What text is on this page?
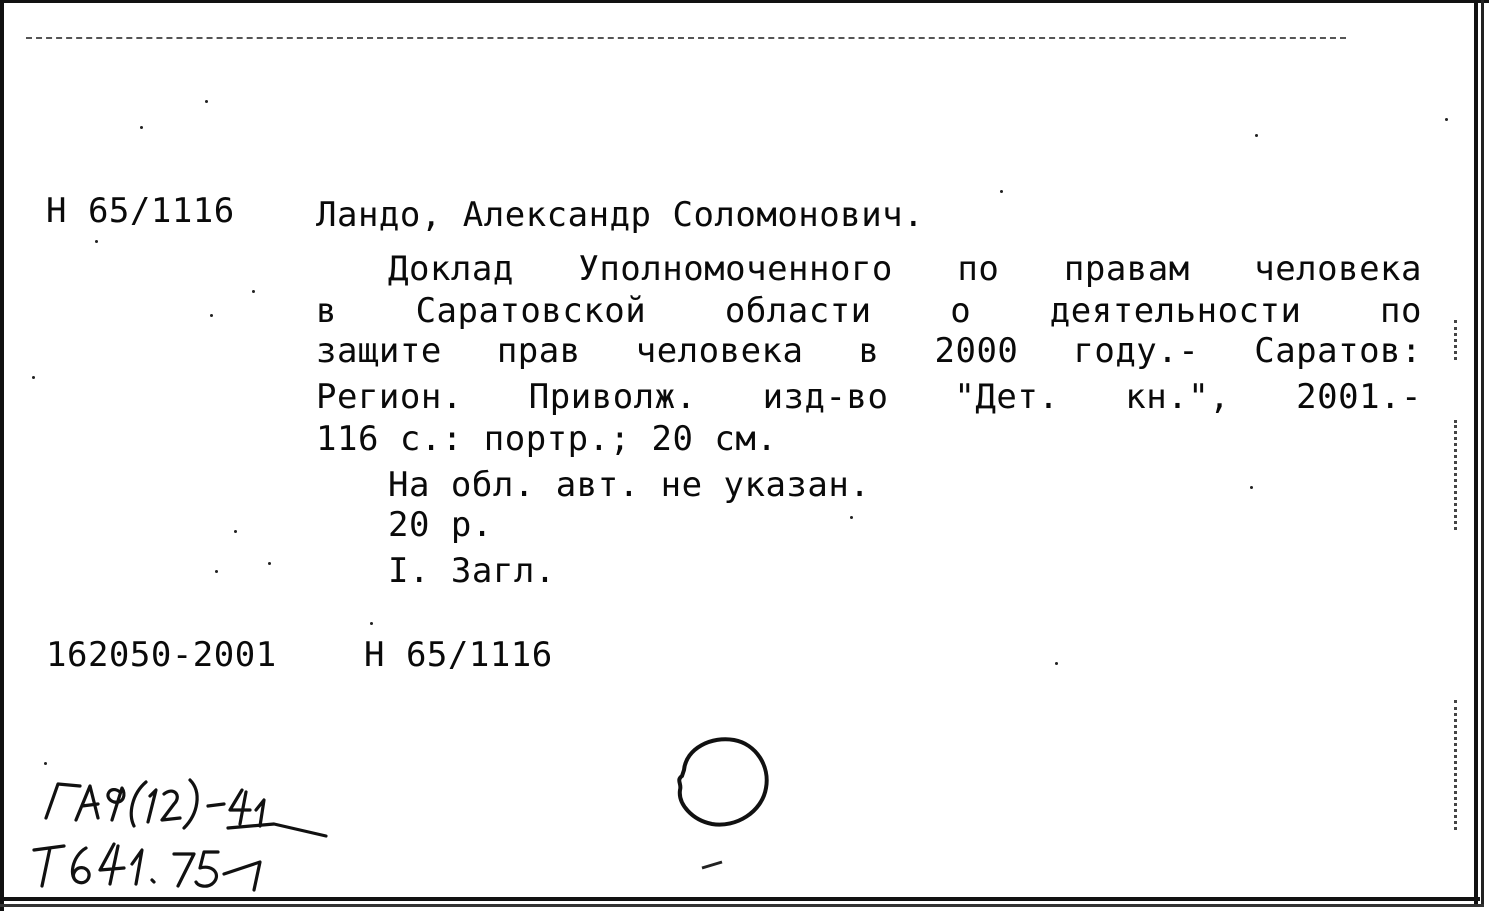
Н 65/1116 Ландо, Александр Соломонович.
Доклад Уполномоченного по правам человека
в Саратовской области о деятельности по
защите прав человека в 2000 году.- Саратов:
Регион. Приволж. изд-во "Дет. кн.", 2001.-
116 с.: портр.; 20 см.
На обл. авт. не указан.
20 р.
I. Загл.
162050-2001	Н 65/1116
